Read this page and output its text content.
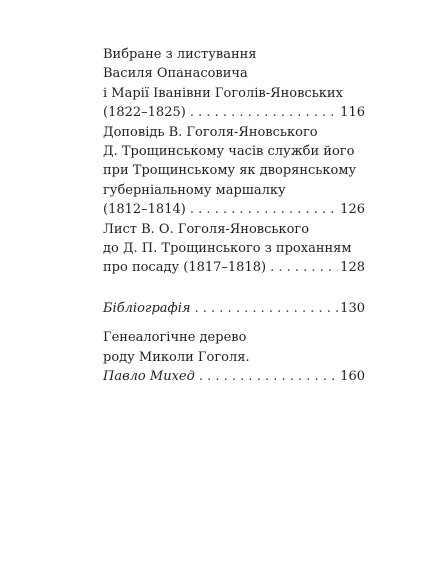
Вибране з листування
Василя Опанасовича
і Марії Іванівни Гоголів-Яновських
(1822–1825) . . .	116
Доповідь В. Гоголя-Яновського
Д. Трощинському часів служби його
при Трощинському як дворянському
губерніальному маршалку
(1812–1814) . . .	126
Лист В. О. Гоголя-Яновського
до Д. П. Трощинського з проханням
про посаду (1817–1818) . . .	128
Бібліографія . . .	130
Генеалогічне дерево
роду Миколи Гоголя.
Павло Михед . . .	160
